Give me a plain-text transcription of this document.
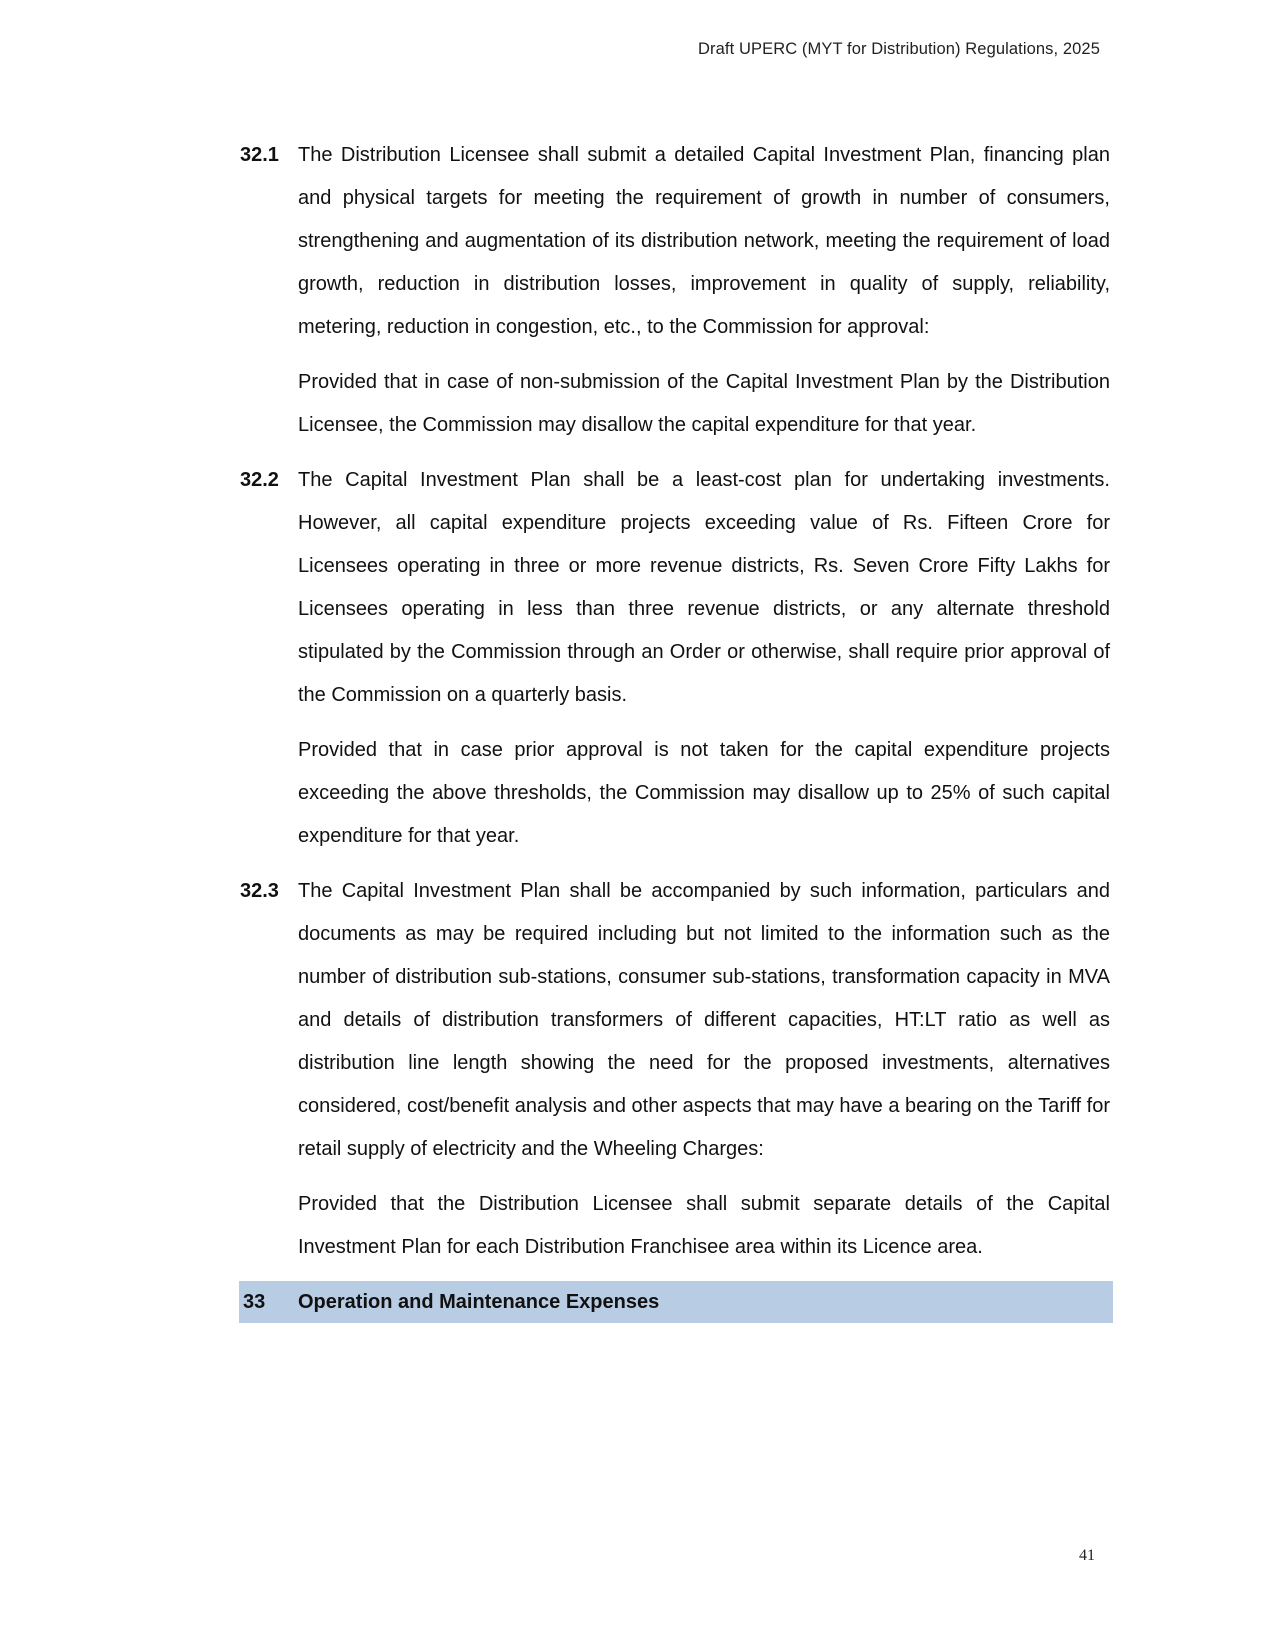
Draft UPERC (MYT for Distribution) Regulations, 2025
32.1 The Distribution Licensee shall submit a detailed Capital Investment Plan, financing plan and physical targets for meeting the requirement of growth in number of consumers, strengthening and augmentation of its distribution network, meeting the requirement of load growth, reduction in distribution losses, improvement in quality of supply, reliability, metering, reduction in congestion, etc., to the Commission for approval:

Provided that in case of non-submission of the Capital Investment Plan by the Distribution Licensee, the Commission may disallow the capital expenditure for that year.

32.2 The Capital Investment Plan shall be a least-cost plan for undertaking investments. However, all capital expenditure projects exceeding value of Rs. Fifteen Crore for Licensees operating in three or more revenue districts, Rs. Seven Crore Fifty Lakhs for Licensees operating in less than three revenue districts, or any alternate threshold stipulated by the Commission through an Order or otherwise, shall require prior approval of the Commission on a quarterly basis.

Provided that in case prior approval is not taken for the capital expenditure projects exceeding the above thresholds, the Commission may disallow up to 25% of such capital expenditure for that year.

32.3 The Capital Investment Plan shall be accompanied by such information, particulars and documents as may be required including but not limited to the information such as the number of distribution sub-stations, consumer sub-stations, transformation capacity in MVA and details of distribution transformers of different capacities, HT:LT ratio as well as distribution line length showing the need for the proposed investments, alternatives considered, cost/benefit analysis and other aspects that may have a bearing on the Tariff for retail supply of electricity and the Wheeling Charges:

Provided that the Distribution Licensee shall submit separate details of the Capital Investment Plan for each Distribution Franchisee area within its Licence area.

33	Operation and Maintenance Expenses
41
